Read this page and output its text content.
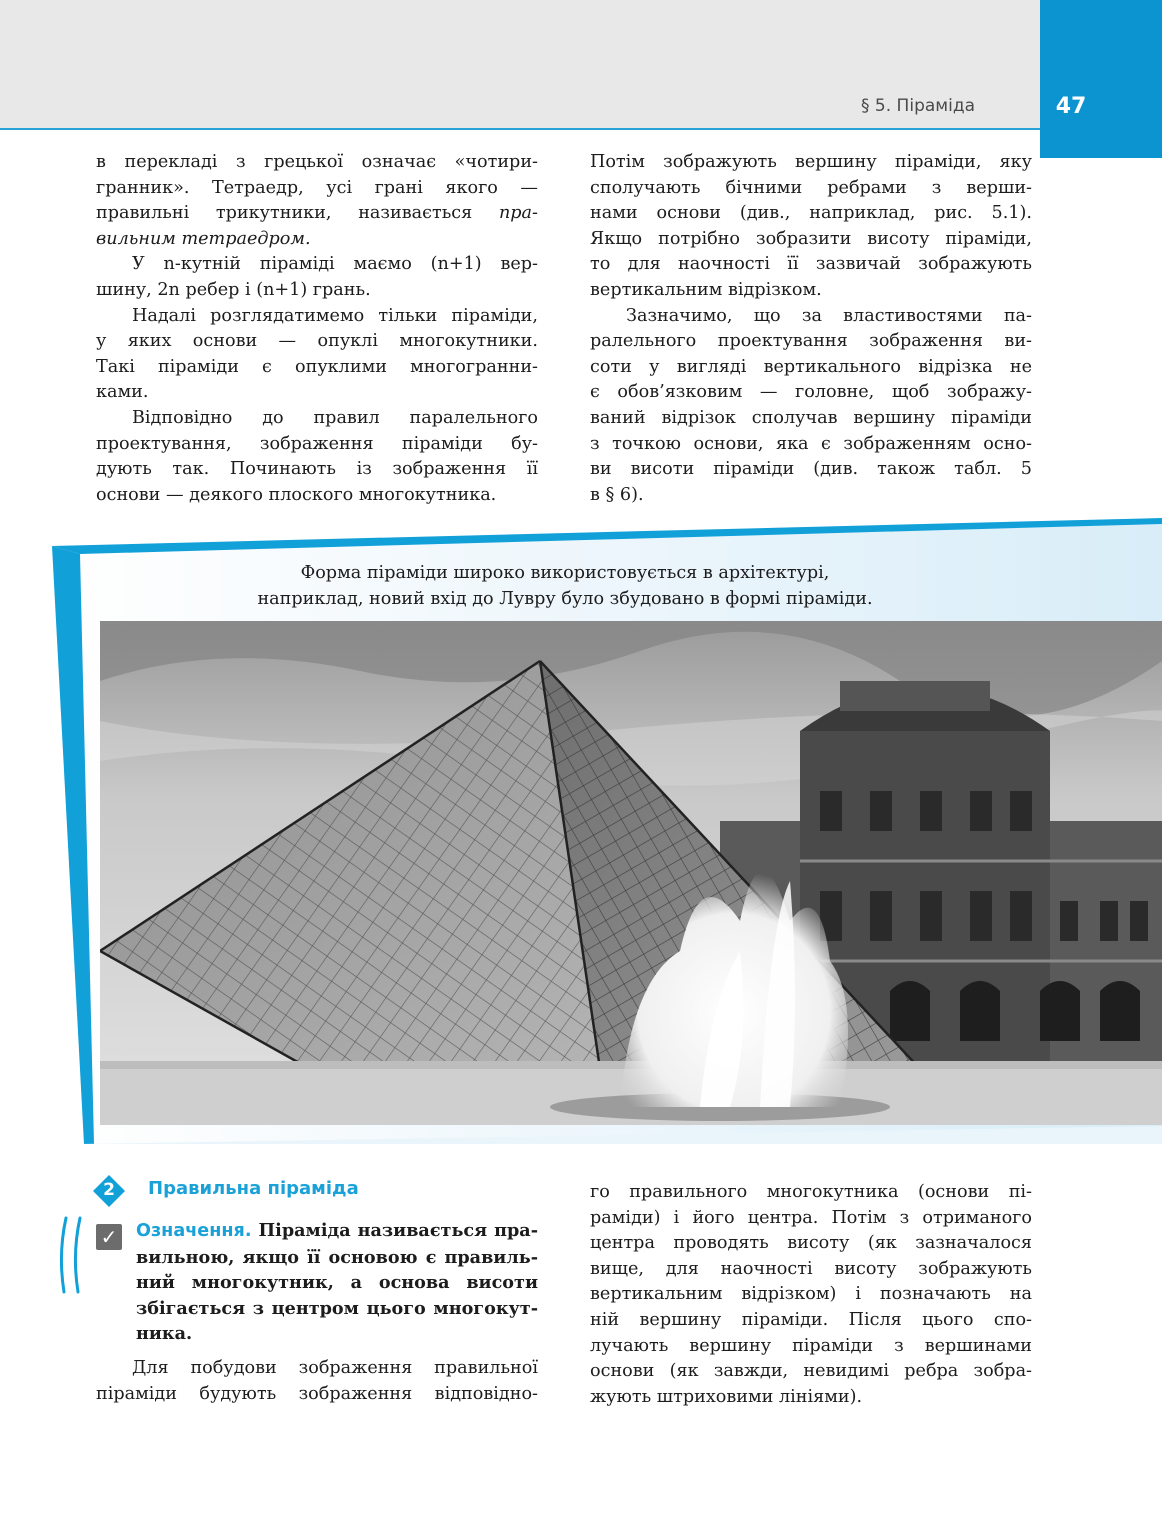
47
§ 5. Піраміда

в перекладі з грецької означає «чотири-
гранник». Тетраедр, усі грані якого —
правильні трикутники, називається пра-
вильним тетраедром.

У n-кутній піраміді маємо (n+1) вер-

шину, 2n ребер і (n+1) грань.

Надалі розглядатимемо тільки піраміди,

у яких основи — опуклі многокутники.
Такі піраміди є опуклими многогранни-
ками.

Відповідно до правил паралельного

проектування, зображення піраміди бу-
дують так. Починають із зображення її
основи — деякого плоского многокутника.

Потім зображують вершину піраміди, яку
сполучають бічними ребрами з верши-
нами основи (див., наприклад, рис. 5.1).
Якщо потрібно зобразити висоту піраміди,
то для наочності її зазвичай зображують
вертикальним відрізком.

Зазначимо, що за властивостями па-

ралельного проектування зображення ви-
соти у вигляді вертикального відрізка не
є обов’язковим — головне, щоб зображу-
ваний відрізок сполучав вершину піраміди
з точкою основи, яка є зображенням осно-
ви висоти піраміди (див. також табл. 5
в § 6).

Форма піраміди широко використовується в архітектурі,
наприклад, новий вхід до Лувру було збудовано в формі піраміди.
2	Правильна піраміда
✓ Означення. Піраміда називається пра-
вильною, якщо її основою є правиль-
ний многокутник, а основа висоти
збігається з центром цього многокут-
ника.

Для побудови зображення правильної

піраміди будують зображення відповідно-

го правильного многокутника (основи пі-
раміди) і його центра. Потім з отриманого
центра проводять висоту (як зазначалося
вище, для наочності висоту зображують
вертикальним відрізком) і позначають на
ній вершину піраміди. Після цього спо-
лучають вершину піраміди з вершинами
основи (як завжди, невидимі ребра зобра-
жують штриховими лініями).
